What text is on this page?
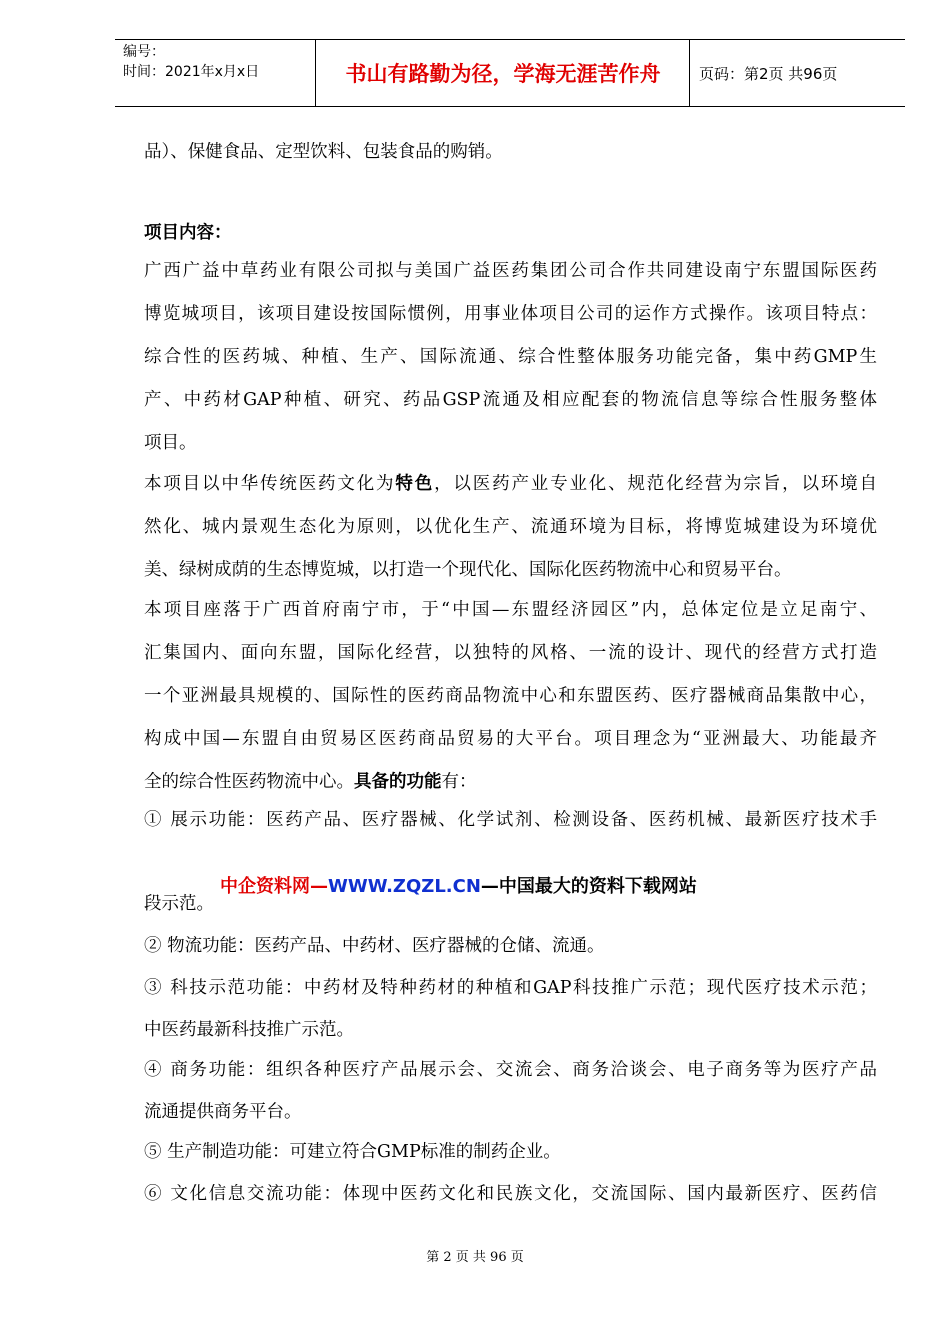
编号：
时间：2021年x月x日	书山有路勤为径，学海无涯苦作舟	页码：第2页 共96页
品）、保健食品、定型饮料、包装食品的购销。
项目内容：
广西广益中草药业有限公司拟与美国广益医药集团公司合作共同建设南宁东盟国际医药
博览城项目，该项目建设按国际惯例，用事业体项目公司的运作方式操作。该项目特点：
综合性的医药城、种植、生产、国际流通、综合性整体服务功能完备，集中药GMP生
产、中药材GAP种植、研究、药品GSP流通及相应配套的物流信息等综合性服务整体
项目。
本项目以中华传统医药文化为特色，以医药产业专业化、规范化经营为宗旨，以环境自
然化、城内景观生态化为原则，以优化生产、流通环境为目标，将博览城建设为环境优
美、绿树成荫的生态博览城，以打造一个现代化、国际化医药物流中心和贸易平台。
本项目座落于广西首府南宁市，于“中国—东盟经济园区”内，总体定位是立足南宁、
汇集国内、面向东盟，国际化经营，以独特的风格、一流的设计、现代的经营方式打造
一个亚洲最具规模的、国际性的医药商品物流中心和东盟医药、医疗器械商品集散中心，
构成中国—东盟自由贸易区医药商品贸易的大平台。项目理念为“亚洲最大、功能最齐
全的综合性医药物流中心。具备的功能有：
① 展示功能：医药产品、医疗器械、化学试剂、检测设备、医药机械、最新医疗技术手
中企资料网—WWW.ZQZL.CN—中国最大的资料下载网站
段示范。
② 物流功能：医药产品、中药材、医疗器械的仓储、流通。
③ 科技示范功能：中药材及特种药材的种植和GAP科技推广示范；现代医疗技术示范；
中医药最新科技推广示范。
④ 商务功能：组织各种医疗产品展示会、交流会、商务洽谈会、电子商务等为医疗产品
流通提供商务平台。
⑤ 生产制造功能：可建立符合GMP标准的制药企业。
⑥ 文化信息交流功能：体现中医药文化和民族文化，交流国际、国内最新医疗、医药信
第 2 页 共 96 页
